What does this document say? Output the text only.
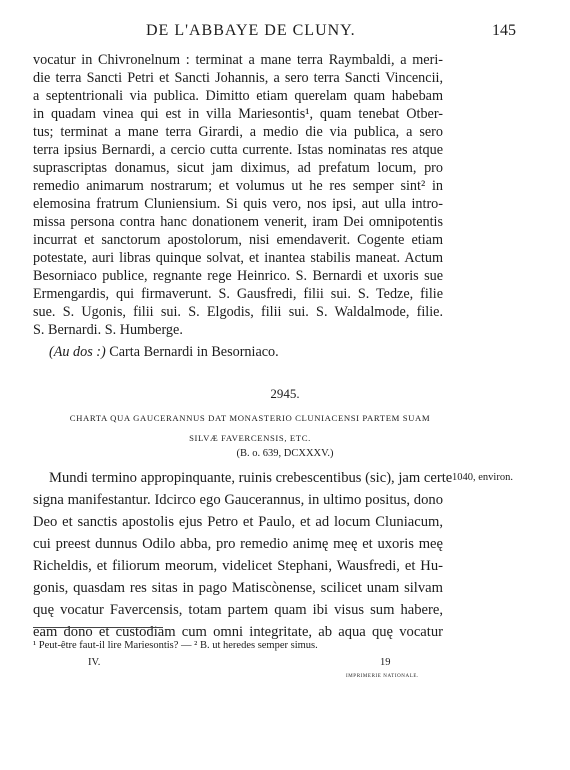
DE L'ABBAYE DE CLUNY.	145
vocatur in Chivronelnum : terminat a mane terra Raymbaldi, a meri-
die terra Sancti Petri et Sancti Johannis, a sero terra Sancti Vincencii,
a septentrionali via publica. Dimitto etiam querelam quam habebam
in quadam vinea qui est in villa Mariesontis¹, quam tenebat Otber-
tus; terminat a mane terra Girardi, a medio die via publica, a sero
terra ipsius Bernardi, a cercio cutta currente. Istas nominatas res atque
suprascriptas donamus, sicut jam diximus, ad prefatum locum, pro
remedio animarum nostrarum; et volumus ut he res semper sint² in
elemosina fratrum Cluniensium. Si quis vero, nos ipsi, aut ulla intro-
missa persona contra hanc donationem venerit, iram Dei omnipotentis
incurrat et sanctorum apostolorum, nisi emendaverit. Cogente etiam
potestate, auri libras quinque solvat, et inantea stabilis maneat. Actum
Besorniaco publice, regnante rege Heinrico. S. Bernardi et uxoris sue
Ermengardis, qui firmaverunt. S. Gausfredi, filii sui. S. Tedze, filie
sue. S. Ugonis, filii sui. S. Elgodis, filii sui. S. Waldalmode, filie.
S. Bernardi. S. Humberge.
(Au dos :) Carta Bernardi in Besorniaco.
2945.
CHARTA QUA GAUCERANNUS DAT MONASTERIO CLUNIACENSI PARTEM SUAM
SILVÆ FAVERCENSIS, ETC.
(B. o. 639, DCXXXV.)
1040, environ.
Mundi termino appropinquante, ruinis crebescentibus (sic), jam certe
signa manifestantur. Idcirco ego Gaucerannus, in ultimo positus, dono
Deo et sanctis apostolis ejus Petro et Paulo, et ad locum Cluniacum,
cui preest dunnus Odilo abba, pro remedio animę meę et uxoris meę
Richeldis, et filiorum meorum, videlicet Stephani, Wausfredi, et Hu-
gonis, quasdam res sitas in pago Matiscònense, scilicet unam silvam
quę vocatur Favercensis, totam partem quam ibi visus sum habere,
eam dono et custodiam cum omni integritate, ab aqua quę vocatur
¹ Peut-être faut-il lire Mariesontis? — ² B. ut heredes semper simus.
IV.	19
IMPRIMERIE NATIONALE.
